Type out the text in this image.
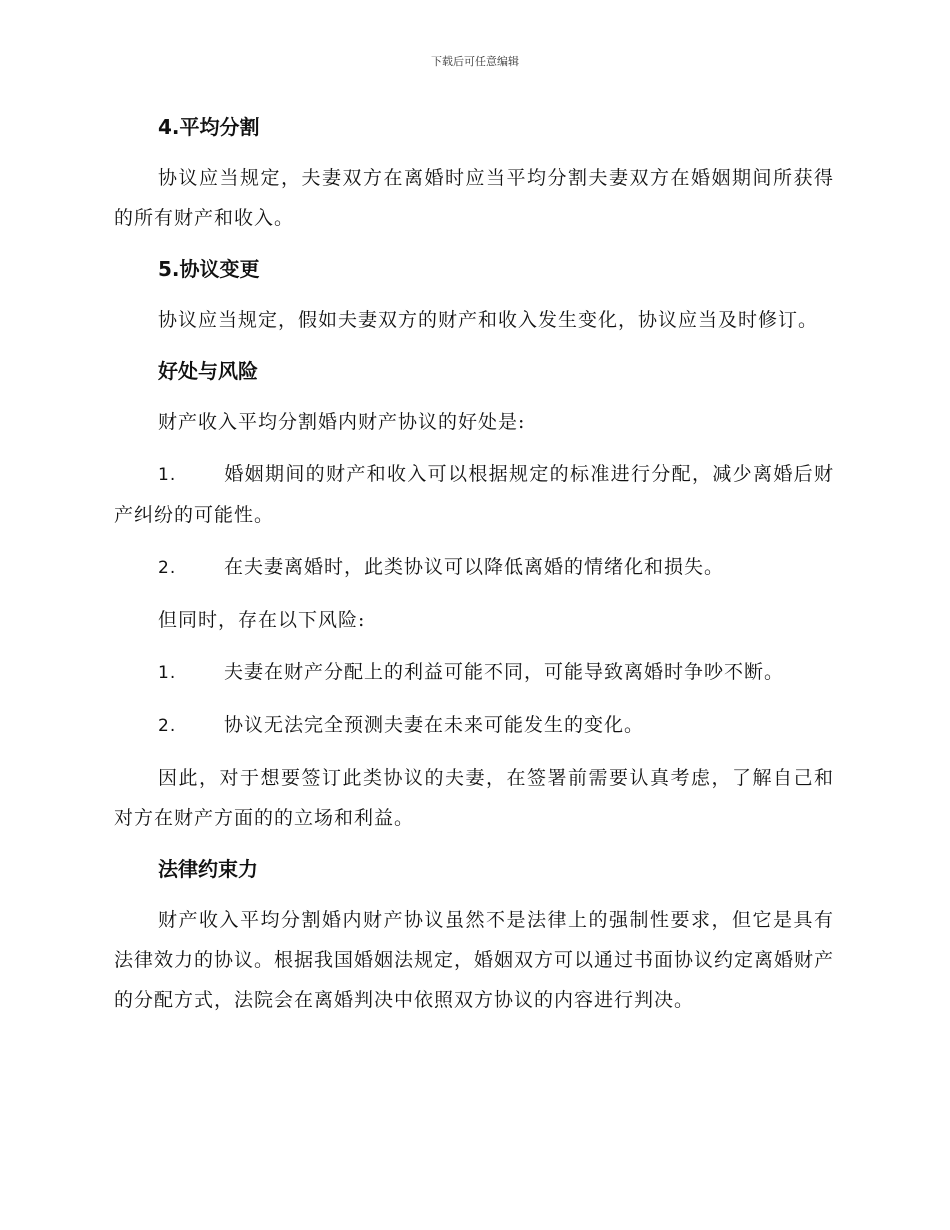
下载后可任意编辑
4.平均分割

协议应当规定，夫妻双方在离婚时应当平均分割夫妻双方在婚姻期间所获得的所有财产和收入。

5.协议变更

协议应当规定，假如夫妻双方的财产和收入发生变化，协议应当及时修订。

好处与风险

财产收入平均分割婚内财产协议的好处是:

1.	婚姻期间的财产和收入可以根据规定的标准进行分配，减少离婚后财产纠纷的可能性。

2.	在夫妻离婚时，此类协议可以降低离婚的情绪化和损失。

但同时，存在以下风险:

1.	夫妻在财产分配上的利益可能不同，可能导致离婚时争吵不断。

2.	协议无法完全预测夫妻在未来可能发生的变化。

因此，对于想要签订此类协议的夫妻，在签署前需要认真考虑，了解自己和对方在财产方面的的立场和利益。

法律约束力

财产收入平均分割婚内财产协议虽然不是法律上的强制性要求，但它是具有法律效力的协议。根据我国婚姻法规定，婚姻双方可以通过书面协议约定离婚财产的分配方式，法院会在离婚判决中依照双方协议的内容进行判决。
